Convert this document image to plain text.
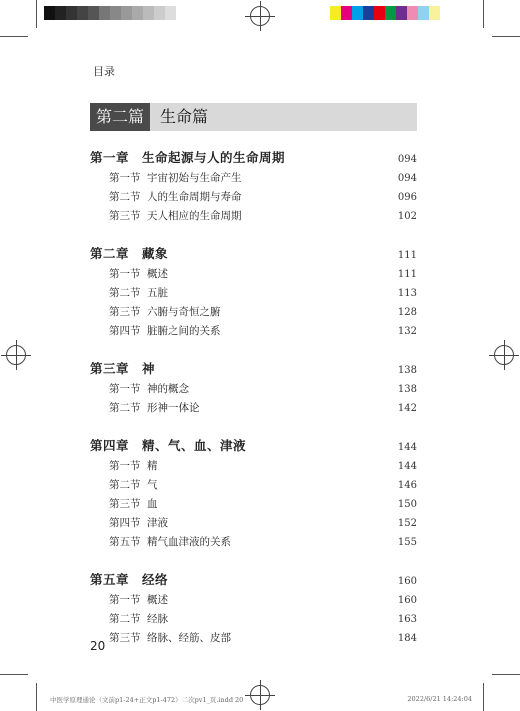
目录
第二篇	生命篇
第一章　生命起源与人的生命周期	094
第一节 宇宙初始与生命产生	094
第二节 人的生命周期与寿命	096
第三节 天人相应的生命周期	102
第二章　藏象	111
第一节 概述	111
第二节 五脏	113
第三节 六腑与奇恒之腑	128
第四节 脏腑之间的关系	132
第三章　神	138
第一节 神的概念	138
第二节 形神一体论	142
第四章　精、气、血、津液	144
第一节 精	144
第二节 气	146
第三节 血	150
第四节 津液	152
第五节 精气血津液的关系	155
第五章　经络	160
第一节 概述	160
第二节 经脉	163
第三节 络脉、经筋、皮部	184
20
中医学原理通论（文前p1-24+正文p1-472）二次pv1_页.indd 20	2022/6/21 14:24:04
